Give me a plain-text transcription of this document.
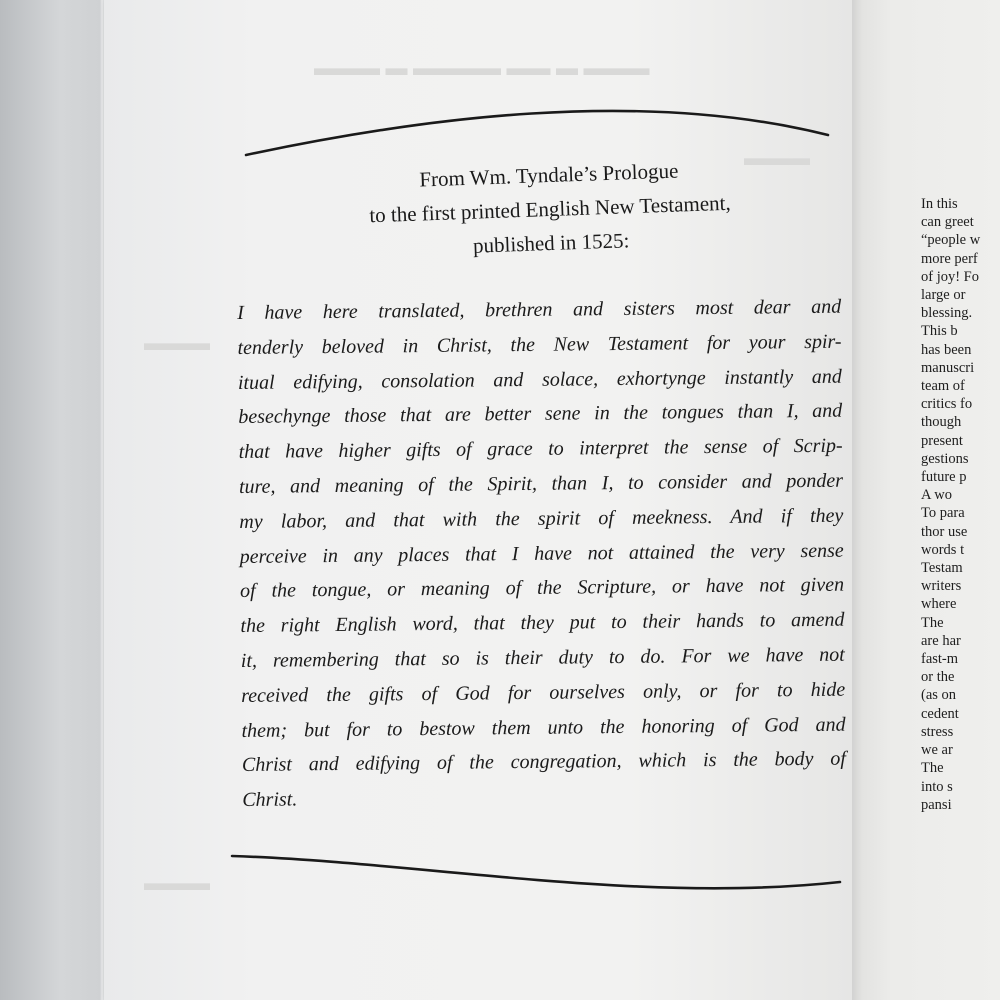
▬▬▬ ▬ ▬▬ ▬▬▬▬ ▬ ▬▬▬
▬▬▬
▬▬▬
▬▬▬
In this
can greet
“people w
more perf
of joy! Fo
large or
blessing.
This b
has been
manuscri
team of
critics fo
though
present
gestions
future p
A wo
To para
thor use
words t
Testam
writers
where
The
are har
fast-m
or the
(as on
cedent
stress
we ar
The
into s
pansi
From Wm. Tyndale’s Prologue
to the first printed English New Testament,
published in 1525:
I have here translated, brethren and sisters most dear and
tenderly beloved in Christ, the New Testament for your spir-
itual edifying, consolation and solace, exhortynge instantly and
besechynge those that are better sene in the tongues than I, and
that have higher gifts of grace to interpret the sense of Scrip-
ture, and meaning of the Spirit, than I, to consider and ponder
my labor, and that with the spirit of meekness. And if they
perceive in any places that I have not attained the very sense
of the tongue, or meaning of the Scripture, or have not given
the right English word, that they put to their hands to amend
it, remembering that so is their duty to do. For we have not
received the gifts of God for ourselves only, or for to hide
them; but for to bestow them unto the honoring of God and
Christ and edifying of the congregation, which is the body of
Christ.
